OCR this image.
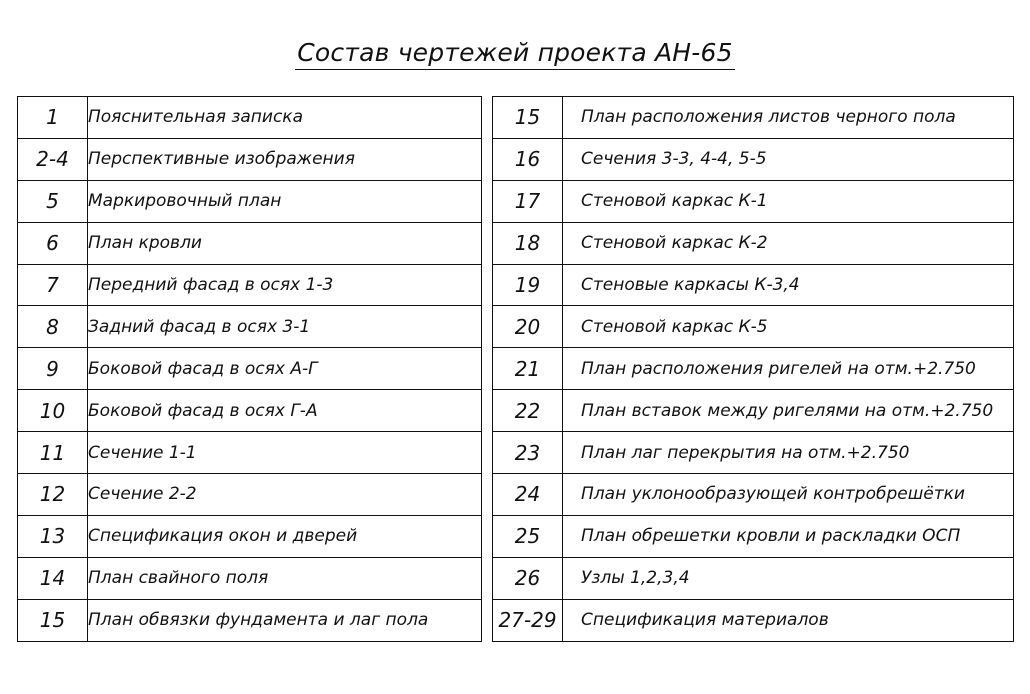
Состав чертежей проекта АН-65
1	Пояснительная записка
2-4	Перспективные изображения
5	Маркировочный план
6	План кровли
7	Передний фасад в осях 1-3
8	Задний фасад в осях 3-1
9	Боковой фасад в осях А-Г
10	Боковой фасад в осях Г-А
11	Сечение 1-1
12	Сечение 2-2
13	Спецификация окон и дверей
14	План свайного поля
15	План обвязки фундамента и лаг пола
15	План расположения листов черного пола
16	Сечения 3-3, 4-4, 5-5
17	Стеновой каркас К-1
18	Стеновой каркас К-2
19	Стеновые каркасы К-3,4
20	Стеновой каркас К-5
21	План расположения ригелей на отм.+2.750
22	План вставок между ригелями на отм.+2.750
23	План лаг перекрытия на отм.+2.750
24	План уклонообразующей контробрешётки
25	План обрешетки кровли и раскладки ОСП
26	Узлы 1,2,3,4
27-29	Спецификация материалов
